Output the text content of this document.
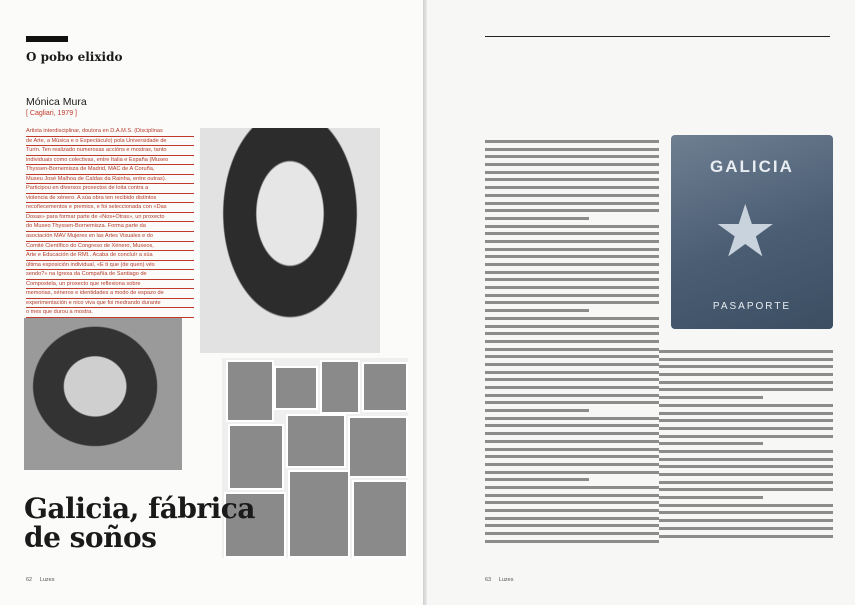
O pobo elixido
Mónica Mura
[ Cagliari, 1979 ]
Artista interdisciplinar, doutora en D.A.M.S. (Disciplinas
de Arte, a Música e o Espectáculo) pola Universidade de
Turín. Ten realizado numerosas accións e mostras, tanto
individuais como colectivas, entre Italia e España (Museo
Thyssen-Bornemisza de Madrid, MAC de A Coruña,
Museu José Malhoa de Caldas da Rainha, entre outras).
Participou en diversos proxectos de loita contra a
violencia de xénero. A súa obra ten recibido distintos
recoñecementos e premios, e foi seleccionada con «Das
Dosas» para formar parte de «Nos+Otras», un proxecto
do Museo Thyssen-Bornemisza. Forma parte da
asociación MAV Mujeres en las Artes Visuales e do
Comité Científico do Congreso de Xénero, Museos,
Arte e Educación de RMI.. Acaba de concluír a súa
última exposición individual, «E ti que (de quen) vés
sendo?» na Igrexa da Compañía de Santiago de
Compostela, un proxecto que reflexiona sobre
memorias, xéneros e identidades a modo de espazo de
experimentación e nico viva que foi medrando durante
o mes que durou a mostra.
Galicia, fábrica
de soños
62 Luzes
GALICIA
★
PASAPORTE
63 Luzes
